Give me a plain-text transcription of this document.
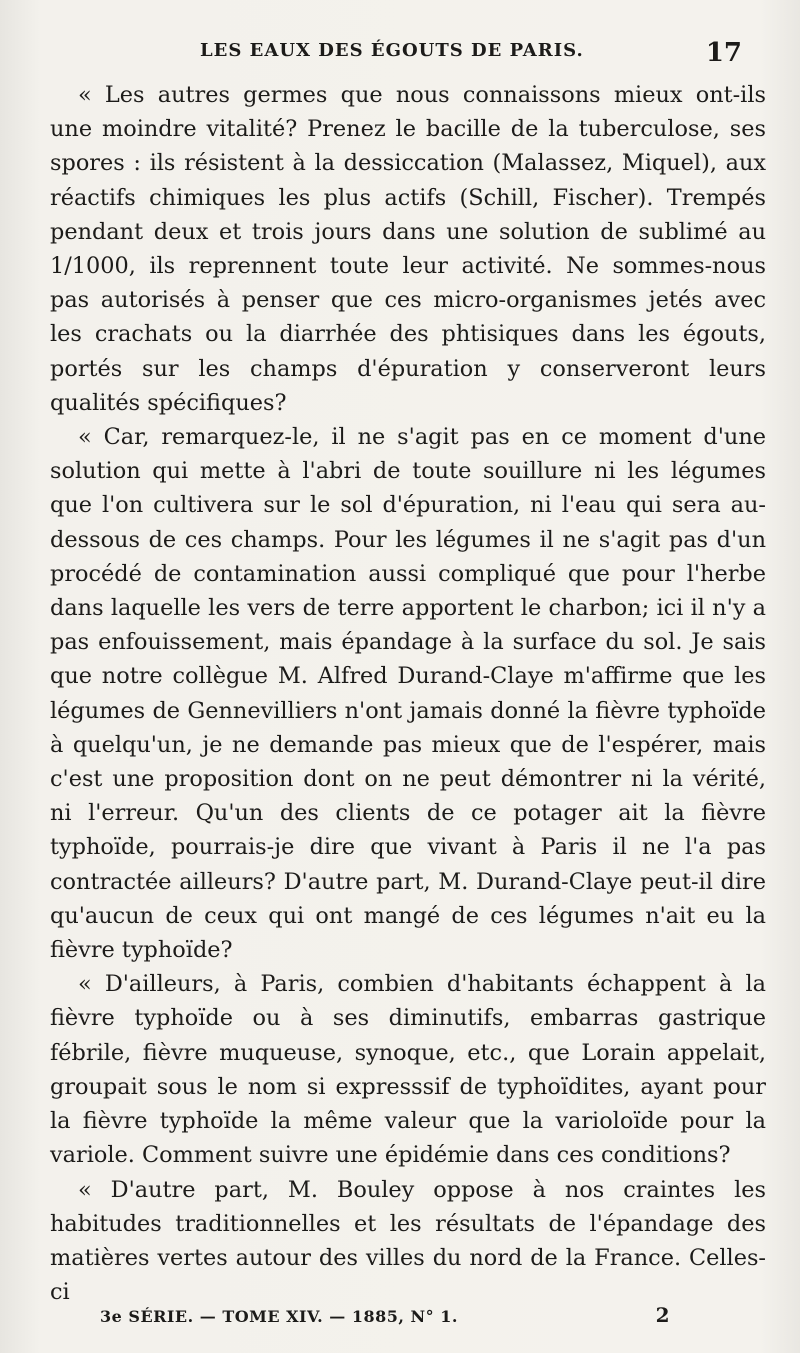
LES EAUX DES ÉGOUTS DE PARIS.	17

« Les autres germes que nous connaissons mieux ont-ils une moindre vitalité? Prenez le bacille de la tuberculose, ses spores : ils résistent à la dessiccation (Malassez, Miquel), aux réactifs chimiques les plus actifs (Schill, Fischer). Trempés pendant deux et trois jours dans une solution de sublimé au 1/1000, ils reprennent toute leur activité. Ne sommes-nous pas autorisés à penser que ces micro-organismes jetés avec les crachats ou la diarrhée des phtisiques dans les égouts, portés sur les champs d'épuration y conserveront leurs qualités spécifiques?

« Car, remarquez-le, il ne s'agit pas en ce moment d'une solution qui mette à l'abri de toute souillure ni les légumes que l'on cultivera sur le sol d'épuration, ni l'eau qui sera au-dessous de ces champs. Pour les légumes il ne s'agit pas d'un procédé de contamination aussi compliqué que pour l'herbe dans laquelle les vers de terre apportent le charbon; ici il n'y a pas enfouissement, mais épandage à la surface du sol. Je sais que notre collègue M. Alfred Durand-Claye m'affirme que les légumes de Gennevilliers n'ont jamais donné la fièvre typhoïde à quelqu'un, je ne demande pas mieux que de l'espérer, mais c'est une proposition dont on ne peut démontrer ni la vérité, ni l'erreur. Qu'un des clients de ce potager ait la fièvre typhoïde, pourrais-je dire que vivant à Paris il ne l'a pas contractée ailleurs? D'autre part, M. Durand-Claye peut-il dire qu'aucun de ceux qui ont mangé de ces légumes n'ait eu la fièvre typhoïde?

« D'ailleurs, à Paris, combien d'habitants échappent à la fièvre typhoïde ou à ses diminutifs, embarras gastrique fébrile, fièvre muqueuse, synoque, etc., que Lorain appelait, groupait sous le nom si expresssif de typhoïdites, ayant pour la fièvre typhoïde la même valeur que la varioloïde pour la variole. Comment suivre une épidémie dans ces conditions?

« D'autre part, M. Bouley oppose à nos craintes les habitudes traditionnelles et les résultats de l'épandage des matières vertes autour des villes du nord de la France. Celles-ci

3e SÉRIE. — TOME XIV. — 1885, N° 1.	2
